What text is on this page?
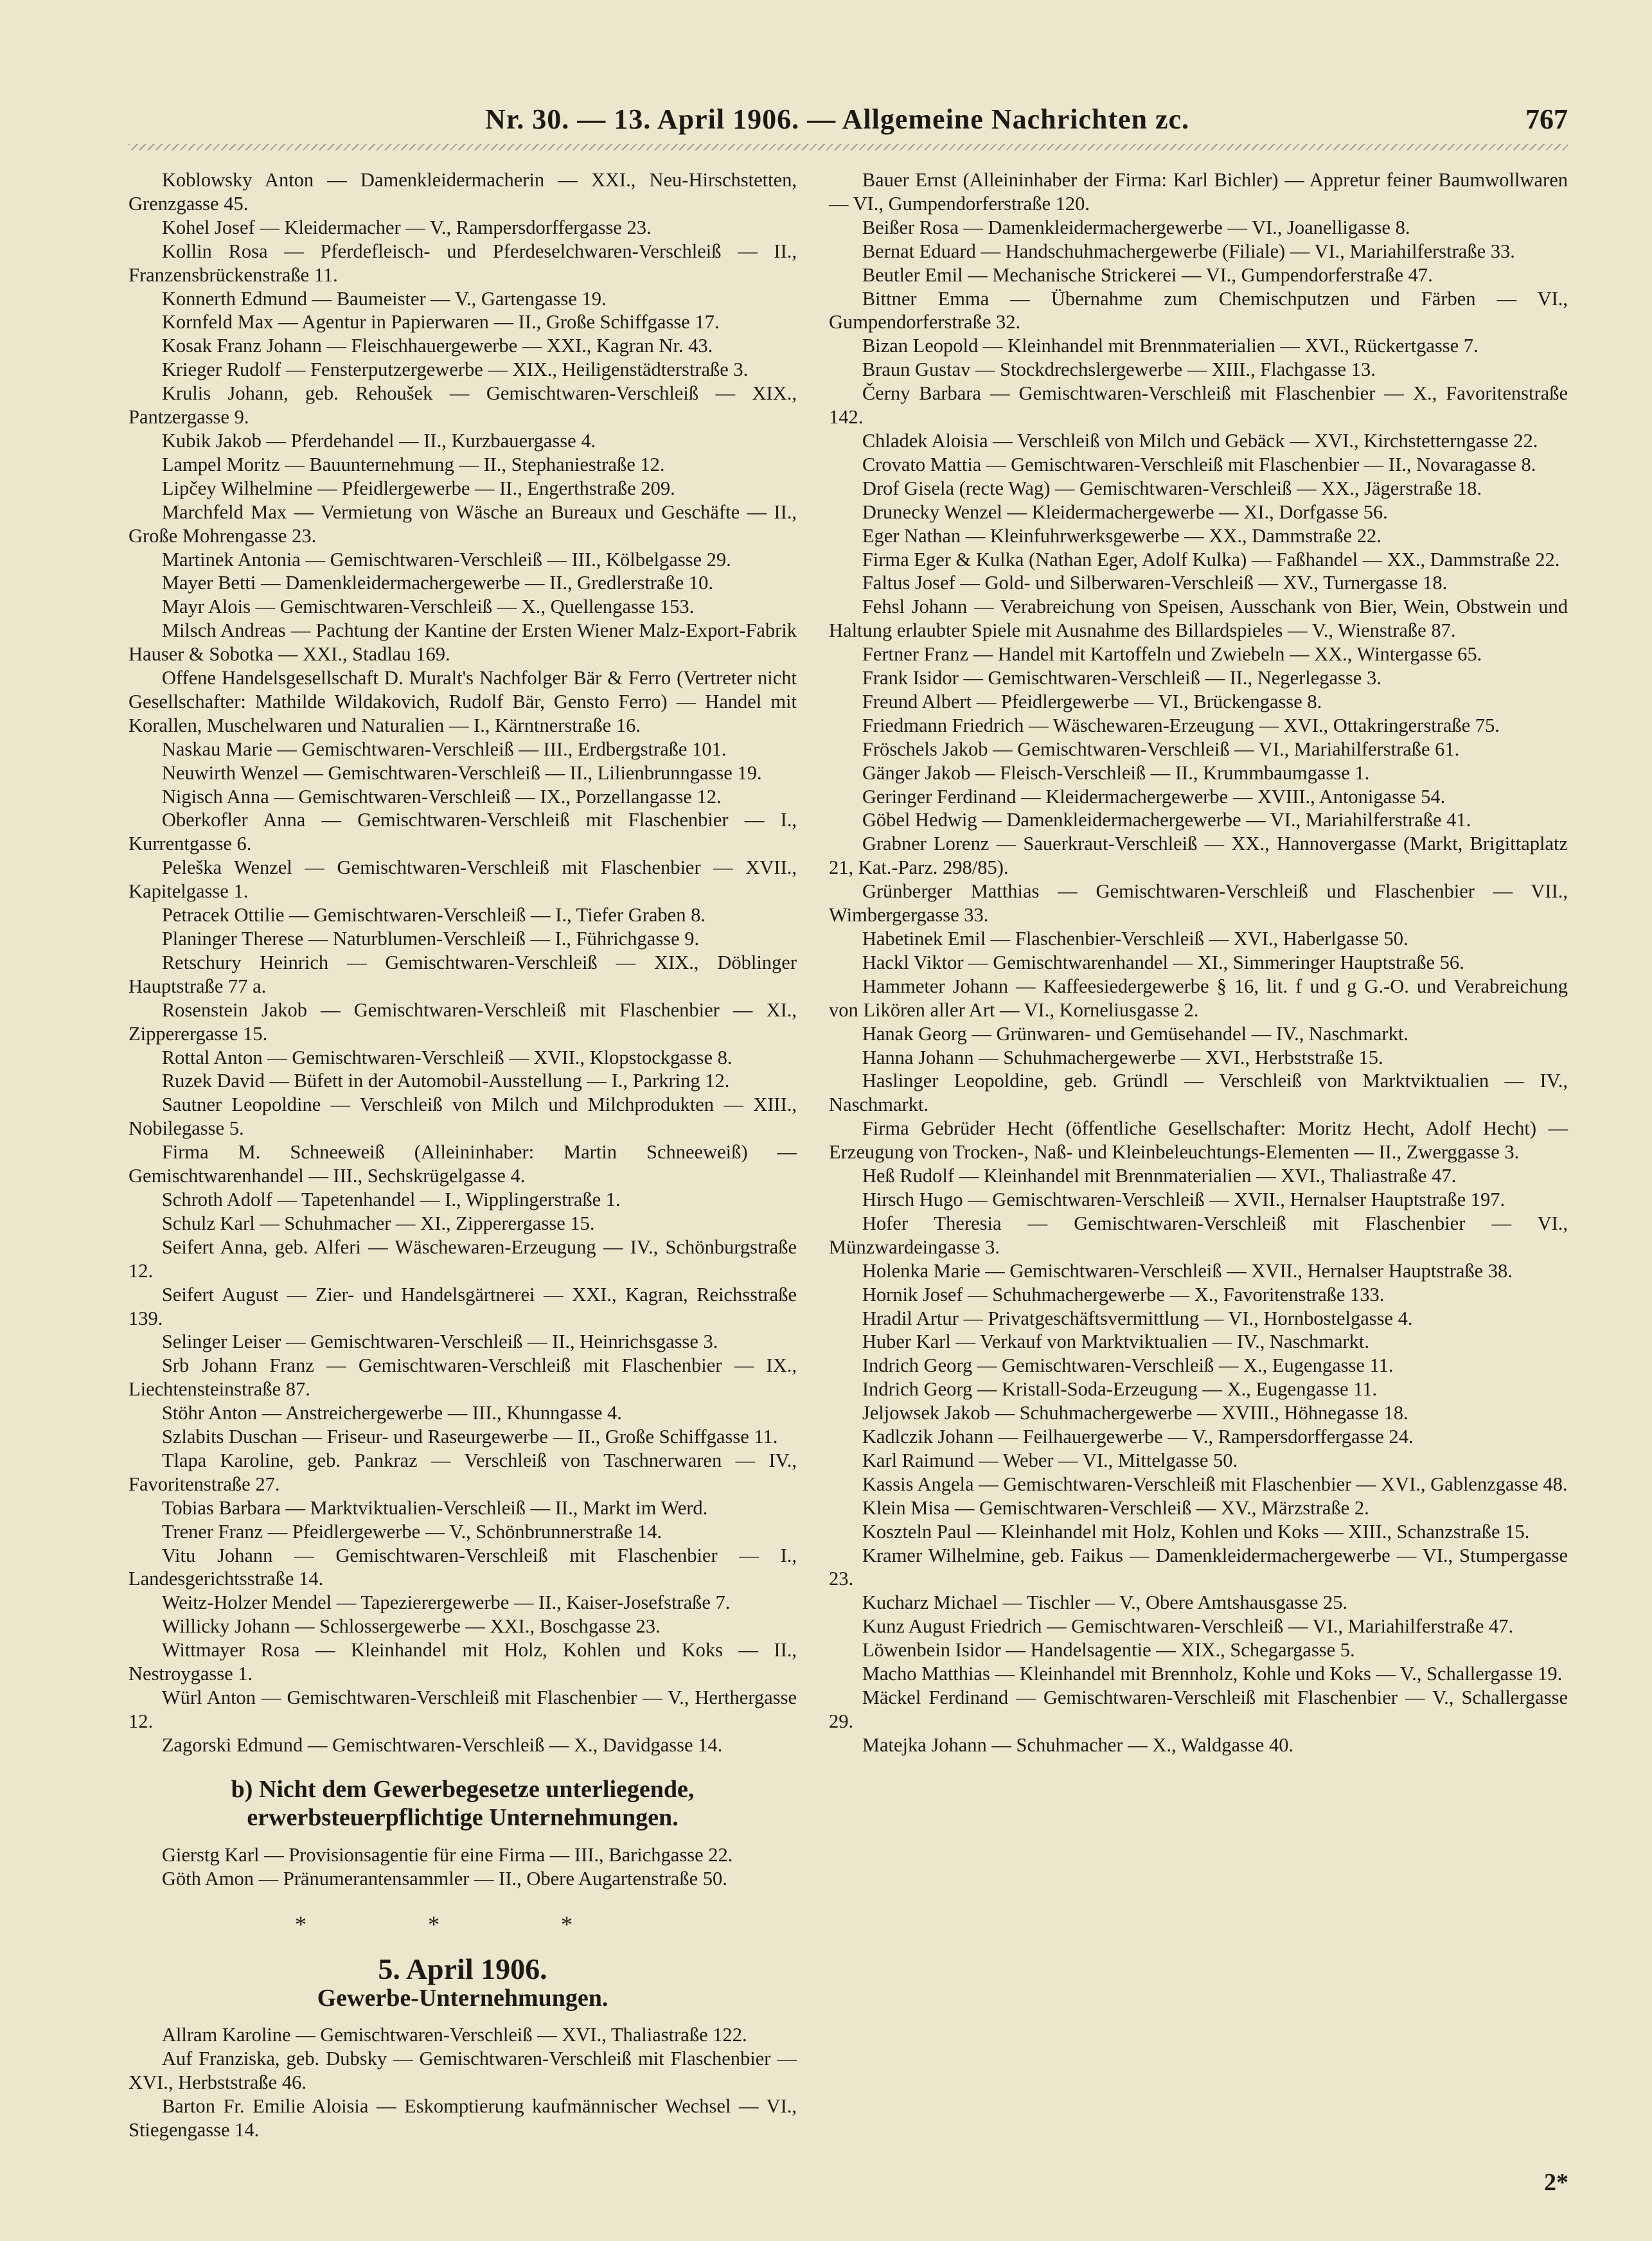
Nr. 30. — 13. April 1906. — Allgemeine Nachrichten zc.	767

Koblowsky Anton — Damenkleidermacherin — XXI., Neu-Hirschstetten, Grenzgasse 45.

Kohel Josef — Kleidermacher — V., Rampersdorffergasse 23.

Kollin Rosa — Pferdefleisch- und Pferdeselchwaren-Verschleiß — II., Franzensbrückenstraße 11.

Konnerth Edmund — Baumeister — V., Gartengasse 19.

Kornfeld Max — Agentur in Papierwaren — II., Große Schiffgasse 17.

Kosak Franz Johann — Fleischhauergewerbe — XXI., Kagran Nr. 43.

Krieger Rudolf — Fensterputzergewerbe — XIX., Heiligenstädterstraße 3.

Krulis Johann, geb. Rehoušek — Gemischtwaren-Verschleiß — XIX., Pantzergasse 9.

Kubik Jakob — Pferdehandel — II., Kurzbauergasse 4.

Lampel Moritz — Bauunternehmung — II., Stephaniestraße 12.

Lipčey Wilhelmine — Pfeidlergewerbe — II., Engerthstraße 209.

Marchfeld Max — Vermietung von Wäsche an Bureaux und Geschäfte — II., Große Mohrengasse 23.

Martinek Antonia — Gemischtwaren-Verschleiß — III., Kölbelgasse 29.

Mayer Betti — Damenkleidermachergewerbe — II., Gredlerstraße 10.

Mayr Alois — Gemischtwaren-Verschleiß — X., Quellengasse 153.

Milsch Andreas — Pachtung der Kantine der Ersten Wiener Malz-Export-Fabrik Hauser & Sobotka — XXI., Stadlau 169.

Offene Handelsgesellschaft D. Muralt's Nachfolger Bär & Ferro (Vertreter nicht Gesellschafter: Mathilde Wildakovich, Rudolf Bär, Gensto Ferro) — Handel mit Korallen, Muschelwaren und Naturalien — I., Kärntnerstraße 16.

Naskau Marie — Gemischtwaren-Verschleiß — III., Erdbergstraße 101.

Neuwirth Wenzel — Gemischtwaren-Verschleiß — II., Lilienbrunngasse 19.

Nigisch Anna — Gemischtwaren-Verschleiß — IX., Porzellangasse 12.

Oberkofler Anna — Gemischtwaren-Verschleiß mit Flaschenbier — I., Kurrentgasse 6.

Peleška Wenzel — Gemischtwaren-Verschleiß mit Flaschenbier — XVII., Kapitelgasse 1.

Petracek Ottilie — Gemischtwaren-Verschleiß — I., Tiefer Graben 8.

Planinger Therese — Naturblumen-Verschleiß — I., Führichgasse 9.

Retschury Heinrich — Gemischtwaren-Verschleiß — XIX., Döblinger Hauptstraße 77 a.

Rosenstein Jakob — Gemischtwaren-Verschleiß mit Flaschenbier — XI., Zipperergasse 15.

Rottal Anton — Gemischtwaren-Verschleiß — XVII., Klopstockgasse 8.

Ruzek David — Büfett in der Automobil-Ausstellung — I., Parkring 12.

Sautner Leopoldine — Verschleiß von Milch und Milchprodukten — XIII., Nobilegasse 5.

Firma M. Schneeweiß (Alleininhaber: Martin Schneeweiß) — Gemischtwarenhandel — III., Sechskrügelgasse 4.

Schroth Adolf — Tapetenhandel — I., Wipplingerstraße 1.

Schulz Karl — Schuhmacher — XI., Zipperergasse 15.

Seifert Anna, geb. Alferi — Wäschewaren-Erzeugung — IV., Schönburgstraße 12.

Seifert August — Zier- und Handelsgärtnerei — XXI., Kagran, Reichsstraße 139.

Selinger Leiser — Gemischtwaren-Verschleiß — II., Heinrichsgasse 3.

Srb Johann Franz — Gemischtwaren-Verschleiß mit Flaschenbier — IX., Liechtensteinstraße 87.

Stöhr Anton — Anstreichergewerbe — III., Khunngasse 4.

Szlabits Duschan — Friseur- und Raseurgewerbe — II., Große Schiffgasse 11.

Tlapa Karoline, geb. Pankraz — Verschleiß von Taschnerwaren — IV., Favoritenstraße 27.

Tobias Barbara — Marktviktualien-Verschleiß — II., Markt im Werd.

Trener Franz — Pfeidlergewerbe — V., Schönbrunnerstraße 14.

Vitu Johann — Gemischtwaren-Verschleiß mit Flaschenbier — I., Landesgerichtsstraße 14.

Weitz-Holzer Mendel — Tapezierergewerbe — II., Kaiser-Josefstraße 7.

Willicky Johann — Schlossergewerbe — XXI., Boschgasse 23.

Wittmayer Rosa — Kleinhandel mit Holz, Kohlen und Koks — II., Nestroygasse 1.

Würl Anton — Gemischtwaren-Verschleiß mit Flaschenbier — V., Herthergasse 12.

Zagorski Edmund — Gemischtwaren-Verschleiß — X., Davidgasse 14.

b) Nicht dem Gewerbegesetze unterliegende, erwerbsteuerpflichtige Unternehmungen.

Gierstg Karl — Provisionsagentie für eine Firma — III., Barichgasse 22.

Göth Amon — Pränumerantensammler — II., Obere Augartenstraße 50.

* * *
5. April 1906.
Gewerbe-Unternehmungen.

Allram Karoline — Gemischtwaren-Verschleiß — XVI., Thaliastraße 122.

Auf Franziska, geb. Dubsky — Gemischtwaren-Verschleiß mit Flaschenbier — XVI., Herbststraße 46.

Barton Fr. Emilie Aloisia — Eskomptierung kaufmännischer Wechsel — VI., Stiegengasse 14.

Bauer Ernst (Alleininhaber der Firma: Karl Bichler) — Appretur feiner Baumwollwaren — VI., Gumpendorferstraße 120.

Beißer Rosa — Damenkleidermachergewerbe — VI., Joanelligasse 8.

Bernat Eduard — Handschuhmachergewerbe (Filiale) — VI., Mariahilferstraße 33.

Beutler Emil — Mechanische Strickerei — VI., Gumpendorferstraße 47.

Bittner Emma — Übernahme zum Chemischputzen und Färben — VI., Gumpendorferstraße 32.

Bizan Leopold — Kleinhandel mit Brennmaterialien — XVI., Rückertgasse 7.

Braun Gustav — Stockdrechslergewerbe — XIII., Flachgasse 13.

Černy Barbara — Gemischtwaren-Verschleiß mit Flaschenbier — X., Favoritenstraße 142.

Chladek Aloisia — Verschleiß von Milch und Gebäck — XVI., Kirchstetterngasse 22.

Crovato Mattia — Gemischtwaren-Verschleiß mit Flaschenbier — II., Novaragasse 8.

Drof Gisela (recte Wag) — Gemischtwaren-Verschleiß — XX., Jägerstraße 18.

Drunecky Wenzel — Kleidermachergewerbe — XI., Dorfgasse 56.

Eger Nathan — Kleinfuhrwerksgewerbe — XX., Dammstraße 22.

Firma Eger & Kulka (Nathan Eger, Adolf Kulka) — Faßhandel — XX., Dammstraße 22.

Faltus Josef — Gold- und Silberwaren-Verschleiß — XV., Turnergasse 18.

Fehsl Johann — Verabreichung von Speisen, Ausschank von Bier, Wein, Obstwein und Haltung erlaubter Spiele mit Ausnahme des Billardspieles — V., Wienstraße 87.

Fertner Franz — Handel mit Kartoffeln und Zwiebeln — XX., Wintergasse 65.

Frank Isidor — Gemischtwaren-Verschleiß — II., Negerlegasse 3.

Freund Albert — Pfeidlergewerbe — VI., Brückengasse 8.

Friedmann Friedrich — Wäschewaren-Erzeugung — XVI., Ottakringerstraße 75.

Fröschels Jakob — Gemischtwaren-Verschleiß — VI., Mariahilferstraße 61.

Gänger Jakob — Fleisch-Verschleiß — II., Krummbaumgasse 1.

Geringer Ferdinand — Kleidermachergewerbe — XVIII., Antonigasse 54.

Göbel Hedwig — Damenkleidermachergewerbe — VI., Mariahilferstraße 41.

Grabner Lorenz — Sauerkraut-Verschleiß — XX., Hannovergasse (Markt, Brigittaplatz 21, Kat.-Parz. 298/85).

Grünberger Matthias — Gemischtwaren-Verschleiß und Flaschenbier — VII., Wimbergergasse 33.

Habetinek Emil — Flaschenbier-Verschleiß — XVI., Haberlgasse 50.

Hackl Viktor — Gemischtwarenhandel — XI., Simmeringer Hauptstraße 56.

Hammeter Johann — Kaffeesiedergewerbe § 16, lit. f und g G.-O. und Verabreichung von Likören aller Art — VI., Korneliusgasse 2.

Hanak Georg — Grünwaren- und Gemüsehandel — IV., Naschmarkt.

Hanna Johann — Schuhmachergewerbe — XVI., Herbststraße 15.

Haslinger Leopoldine, geb. Gründl — Verschleiß von Marktviktualien — IV., Naschmarkt.

Firma Gebrüder Hecht (öffentliche Gesellschafter: Moritz Hecht, Adolf Hecht) — Erzeugung von Trocken-, Naß- und Kleinbeleuchtungs-Elementen — II., Zwerggasse 3.

Heß Rudolf — Kleinhandel mit Brennmaterialien — XVI., Thaliastraße 47.

Hirsch Hugo — Gemischtwaren-Verschleiß — XVII., Hernalser Hauptstraße 197.

Hofer Theresia — Gemischtwaren-Verschleiß mit Flaschenbier — VI., Münzwardeingasse 3.

Holenka Marie — Gemischtwaren-Verschleiß — XVII., Hernalser Hauptstraße 38.

Hornik Josef — Schuhmachergewerbe — X., Favoritenstraße 133.

Hradil Artur — Privatgeschäftsvermittlung — VI., Hornbostelgasse 4.

Huber Karl — Verkauf von Marktviktualien — IV., Naschmarkt.

Indrich Georg — Gemischtwaren-Verschleiß — X., Eugengasse 11.

Indrich Georg — Kristall-Soda-Erzeugung — X., Eugengasse 11.

Jeljowsek Jakob — Schuhmachergewerbe — XVIII., Höhnegasse 18.

Kadlczik Johann — Feilhauergewerbe — V., Rampersdorffergasse 24.

Karl Raimund — Weber — VI., Mittelgasse 50.

Kassis Angela — Gemischtwaren-Verschleiß mit Flaschenbier — XVI., Gablenzgasse 48.

Klein Misa — Gemischtwaren-Verschleiß — XV., Märzstraße 2.

Koszteln Paul — Kleinhandel mit Holz, Kohlen und Koks — XIII., Schanzstraße 15.

Kramer Wilhelmine, geb. Faikus — Damenkleidermachergewerbe — VI., Stumpergasse 23.

Kucharz Michael — Tischler — V., Obere Amtshausgasse 25.

Kunz August Friedrich — Gemischtwaren-Verschleiß — VI., Mariahilferstraße 47.

Löwenbein Isidor — Handelsagentie — XIX., Schegargasse 5.

Macho Matthias — Kleinhandel mit Brennholz, Kohle und Koks — V., Schallergasse 19.

Mäckel Ferdinand — Gemischtwaren-Verschleiß mit Flaschenbier — V., Schallergasse 29.

Matejka Johann — Schuhmacher — X., Waldgasse 40.

2*
